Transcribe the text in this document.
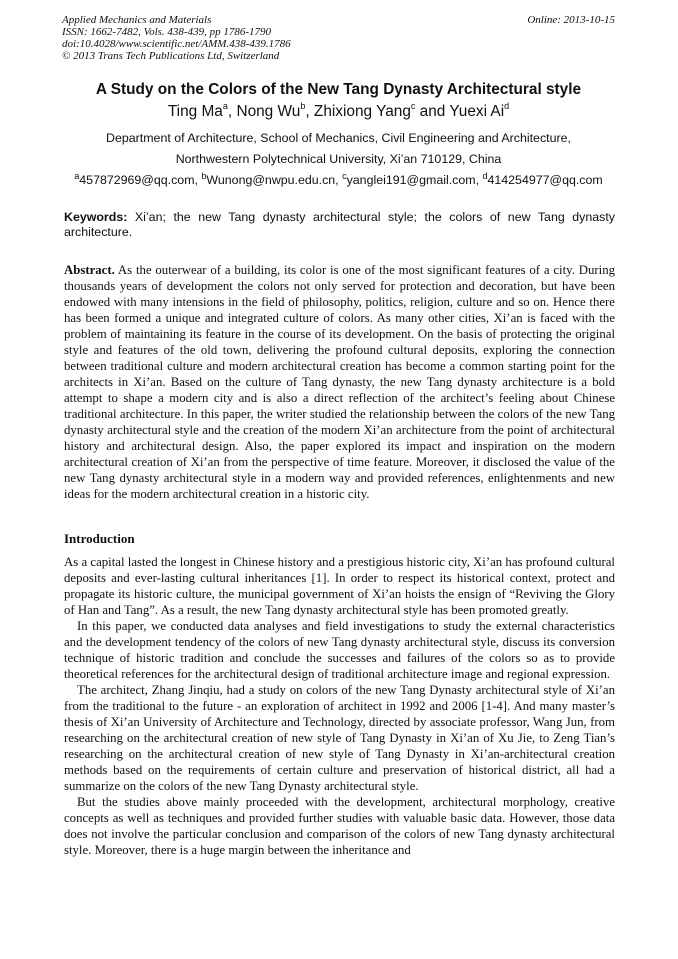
Applied Mechanics and Materials
ISSN: 1662-7482, Vols. 438-439, pp 1786-1790
doi:10.4028/www.scientific.net/AMM.438-439.1786
© 2013 Trans Tech Publications Ltd, Switzerland
Online: 2013-10-15
A Study on the Colors of the New Tang Dynasty Architectural style
Ting Ma$^a$, Nong Wu$^b$, Zhixiong Yang$^c$ and Yuexi Ai$^d$
Department of Architecture, School of Mechanics, Civil Engineering and Architecture,
Northwestern Polytechnical University, Xi’an 710129, China
$^a$457872969@qq.com, $^b$Wunong@nwpu.edu.cn, $^c$yanglei191@gmail.com, $^d$414254977@qq.com
Keywords: Xi’an; the new Tang dynasty architectural style; the colors of new Tang dynasty architecture.
Abstract. As the outerwear of a building, its color is one of the most significant features of a city. During thousands years of development the colors not only served for protection and decoration, but have been endowed with many intensions in the field of philosophy, politics, religion, culture and so on. Hence there has been formed a unique and integrated culture of colors. As many other cities, Xi’an is faced with the problem of maintaining its feature in the course of its development. On the basis of protecting the original style and features of the old town, delivering the profound cultural deposits, exploring the connection between traditional culture and modern architectural creation has become a common starting point for the architects in Xi’an. Based on the culture of Tang dynasty, the new Tang dynasty architecture is a bold attempt to shape a modern city and is also a direct reflection of the architect’s feeling about Chinese traditional architecture. In this paper, the writer studied the relationship between the colors of the new Tang dynasty architectural style and the creation of the modern Xi’an architecture from the point of architectural history and architectural design. Also, the paper explored its impact and inspiration on the modern architectural creation of Xi’an from the perspective of time feature. Moreover, it disclosed the value of the new Tang dynasty architectural style in a modern way and provided references, enlightenments and new ideas for the modern architectural creation in a historic city.
Introduction

As a capital lasted the longest in Chinese history and a prestigious historic city, Xi’an has profound cultural deposits and ever-lasting cultural inheritances [1]. In order to respect its historical context, protect and propagate its historic culture, the municipal government of Xi’an hoists the ensign of “Reviving the Glory of Han and Tang”. As a result, the new Tang dynasty architectural style has been promoted greatly.

In this paper, we conducted data analyses and field investigations to study the external characteristics and the development tendency of the colors of new Tang dynasty architectural style, discuss its conversion technique of historic tradition and conclude the successes and failures of the colors so as to provide theoretical references for the architectural design of traditional architecture image and regional expression.

The architect, Zhang Jinqiu, had a study on colors of the new Tang Dynasty architectural style of Xi’an from the traditional to the future - an exploration of architect in 1992 and 2006 [1-4]. And many master’s thesis of Xi’an University of Architecture and Technology, directed by associate professor, Wang Jun, from researching on the architectural creation of new style of Tang Dynasty in Xi’an of Xu Jie, to Zeng Tian’s researching on the architectural creation of new style of Tang Dynasty in Xi’an-architectural creation methods based on the requirements of certain culture and preservation of historical district, all had a summarize on the colors of the new Tang Dynasty architectural style.

But the studies above mainly proceeded with the development, architectural morphology, creative concepts as well as techniques and provided further studies with valuable basic data. However, those data does not involve the particular conclusion and comparison of the colors of new Tang dynasty architectural style. Moreover, there is a huge margin between the inheritance and
